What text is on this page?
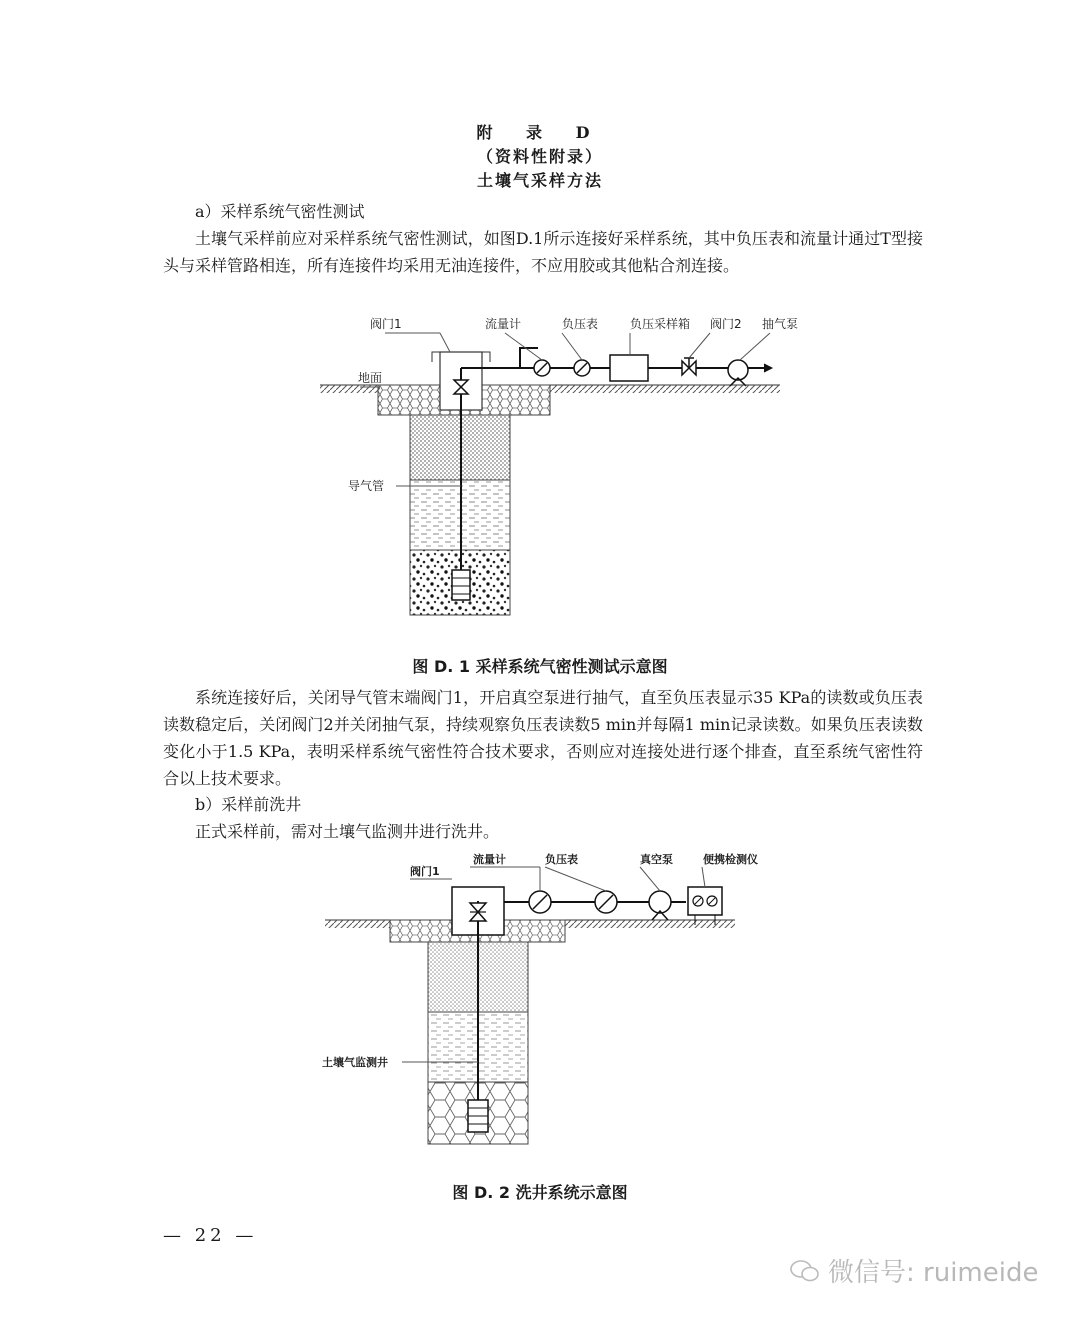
附 录 D
（资料性附录）
土壤气采样方法

a）采样系统气密性测试

土壤气采样前应对采样系统气密性测试，如图D.1所示连接好采样系统，其中负压表和流量计通过T型接头与采样管路相连，所有连接件均采用无油连接件，不应用胶或其他粘合剂连接。

阀门1	流量计	负压表	负压采样箱 阀门2 抽气泵
地面
导气管
图 D. 1 采样系统气密性测试示意图

系统连接好后，关闭导气管末端阀门1，开启真空泵进行抽气，直至负压表显示35 KPa的读数或负压表读数稳定后，关闭阀门2并关闭抽气泵，持续观察负压表读数5 min并每隔1 min记录读数。如果负压表读数变化小于1.5 KPa，表明采样系统气密性符合技术要求，否则应对连接处进行逐个排查，直至系统气密性符合以上技术要求。

b）采样前洗井

正式采样前，需对土壤气监测井进行洗井。

阀门1
流量计	负压表	真空泵	便携检测仪
土壤气监测井
图 D. 2 洗井系统示意图
— 22 —
微信号: ruimeide
